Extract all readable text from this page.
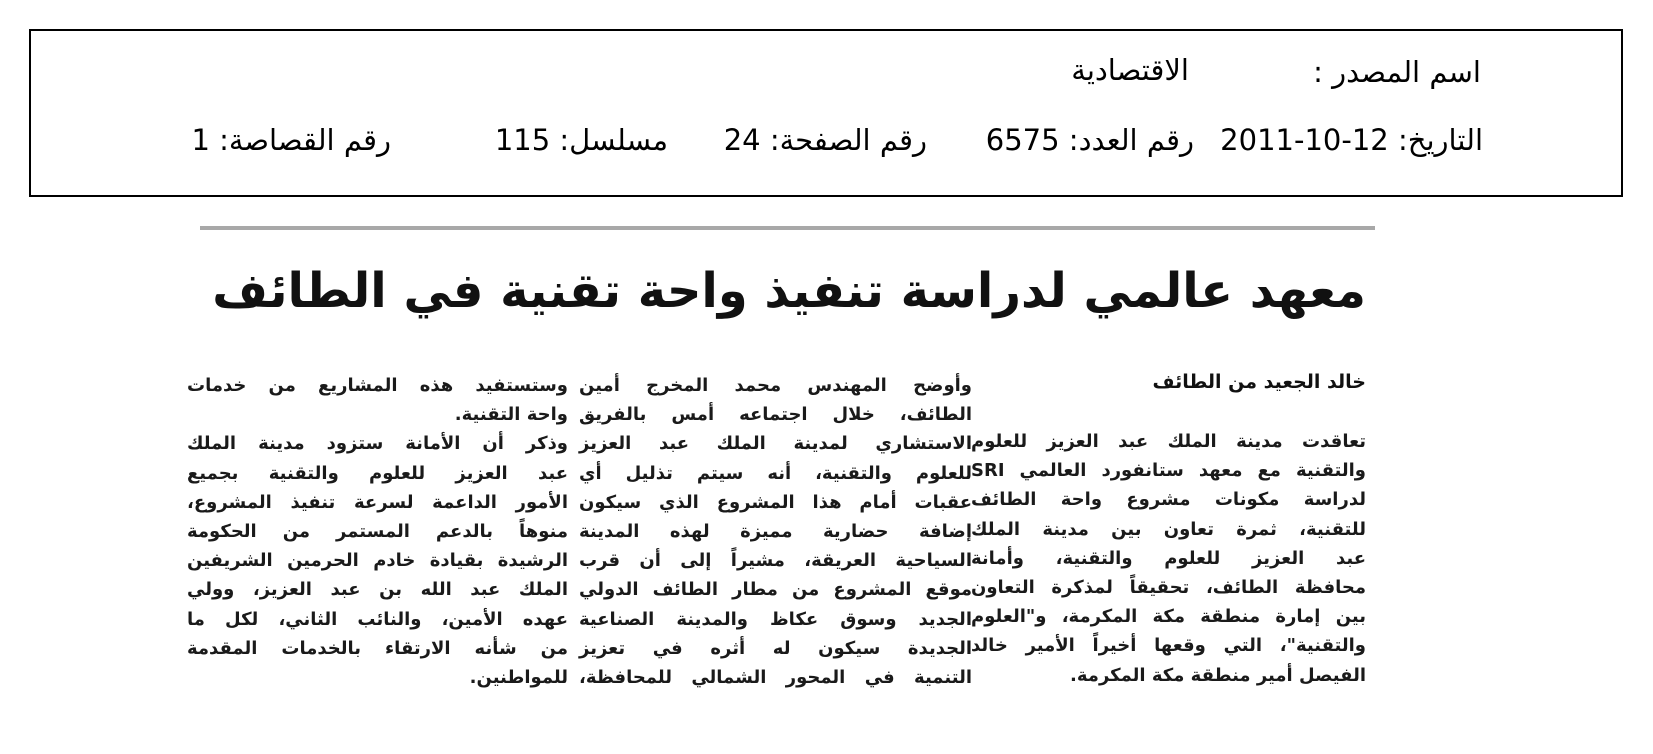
اسم المصدر :
الاقتصادية
التاريخ: 12-10-2011
رقم العدد: 6575
رقم الصفحة: 24
مسلسل: 115
رقم القصاصة: 1
معهد عالمي لدراسة تنفيذ واحة تقنية في الطائف
خالد الجعيد من الطائف
تعاقدت مدينة الملك عبد العزيز للعلوم
والتقنية مع معهد ستانفورد العالمي SRI
لدراسة مكونات مشروع واحة الطائف
للتقنية، ثمرة تعاون بين مدينة الملك
عبد العزيز للعلوم والتقنية، وأمانة
محافظة الطائف، تحقيقاً لمذكرة التعاون
بين إمارة منطقة مكة المكرمة، و"العلوم
والتقنية"، التي وقعها أخيراً الأمير خالد
الفيصل أمير منطقة مكة المكرمة.
وأوضح المهندس محمد المخرج أمين
الطائف، خلال اجتماعه أمس بالفريق
الاستشاري لمدينة الملك عبد العزيز
للعلوم والتقنية، أنه سيتم تذليل أي
عقبات أمام هذا المشروع الذي سيكون
إضافة حضارية مميزة لهذه المدينة
السياحية العريقة، مشيراً إلى أن قرب
موقع المشروع من مطار الطائف الدولي
الجديد وسوق عكاظ والمدينة الصناعية
الجديدة سيكون له أثره في تعزيز
التنمية في المحور الشمالي للمحافظة،
وستستفيد هذه المشاريع من خدمات
واحة التقنية.
وذكر أن الأمانة ستزود مدينة الملك
عبد العزيز للعلوم والتقنية بجميع
الأمور الداعمة لسرعة تنفيذ المشروع،
منوهاً بالدعم المستمر من الحكومة
الرشيدة بقيادة خادم الحرمين الشريفين
الملك عبد الله بن عبد العزيز، وولي
عهده الأمين، والنائب الثاني، لكل ما
من شأنه الارتقاء بالخدمات المقدمة
للمواطنين.
